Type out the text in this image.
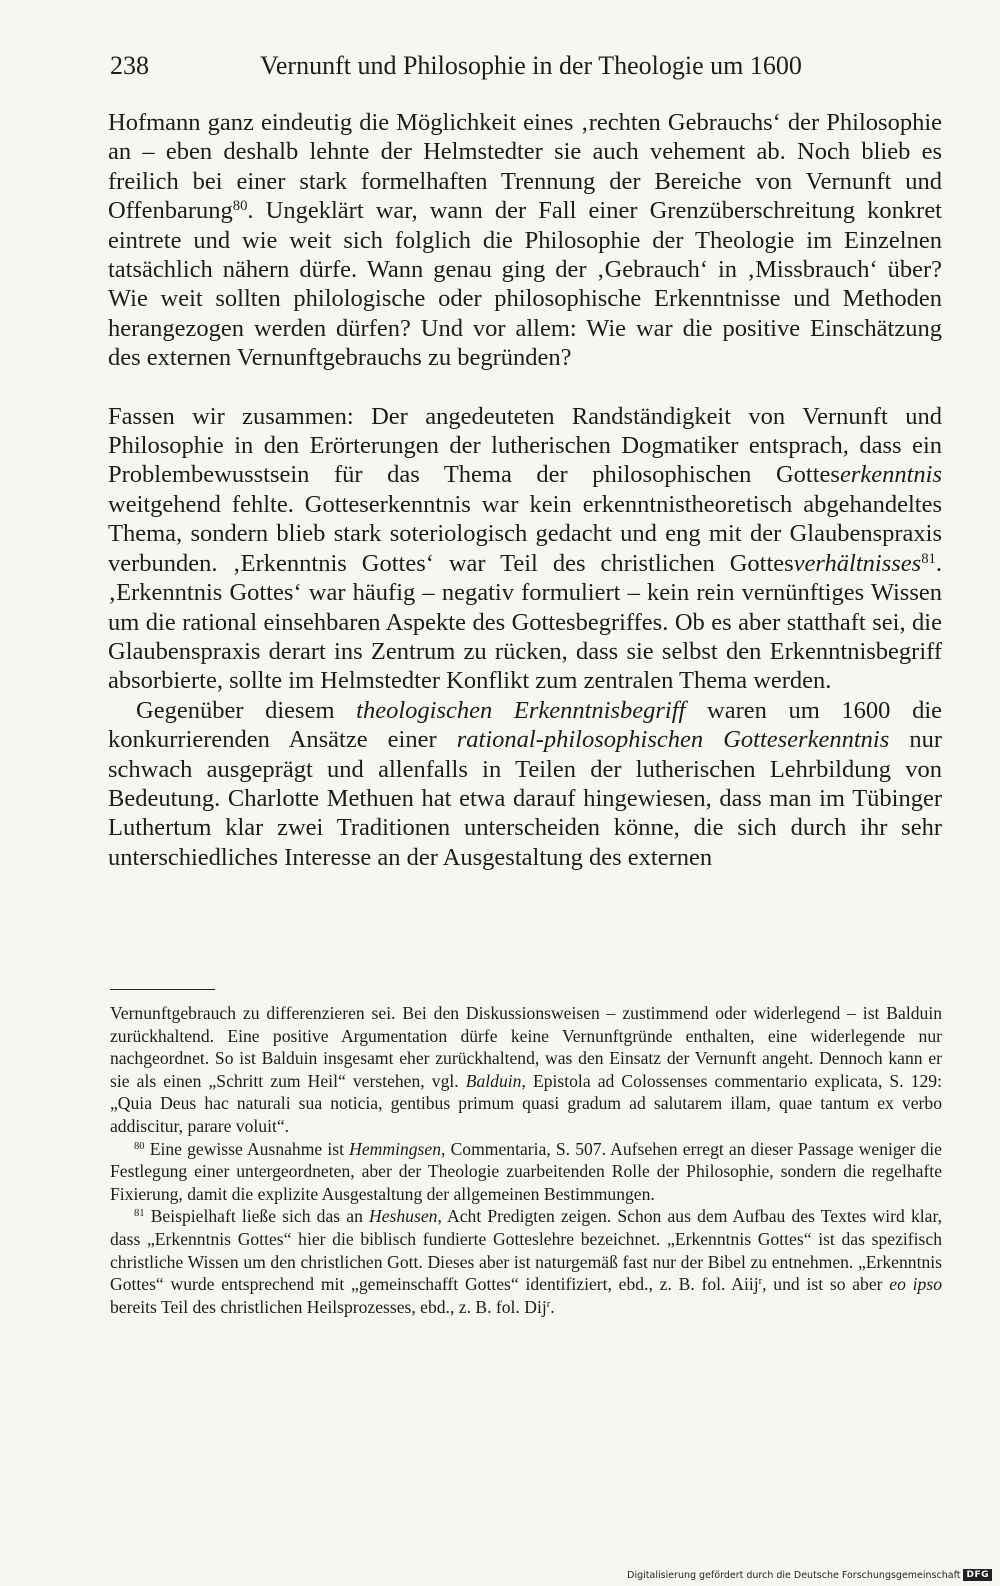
238	Vernunft und Philosophie in der Theologie um 1600

Hofmann ganz eindeutig die Möglichkeit eines ‚rechten Gebrauchs‘ der Philosophie an – eben deshalb lehnte der Helmstedter sie auch vehement ab. Noch blieb es freilich bei einer stark formelhaften Trennung der Bereiche von Vernunft und Offenbarung$^{80}$. Ungeklärt war, wann der Fall einer Grenzüberschreitung konkret eintrete und wie weit sich folglich die Philosophie der Theologie im Einzelnen tatsächlich nähern dürfe. Wann genau ging der ‚Gebrauch‘ in ‚Missbrauch‘ über? Wie weit sollten philologische oder philosophische Erkenntnisse und Methoden herangezogen werden dürfen? Und vor allem: Wie war die positive Einschätzung des externen Vernunftgebrauchs zu begründen?

Fassen wir zusammen: Der angedeuteten Randständigkeit von Vernunft und Philosophie in den Erörterungen der lutherischen Dogmatiker entsprach, dass ein Problembewusstsein für das Thema der philosophischen Gotteserkenntnis weitgehend fehlte. Gotteserkenntnis war kein erkenntnistheoretisch abgehandeltes Thema, sondern blieb stark soteriologisch gedacht und eng mit der Glaubenspraxis verbunden. ‚Erkenntnis Gottes‘ war Teil des christlichen Gottesverhältnisses$^{81}$. ‚Erkenntnis Gottes‘ war häufig – negativ formuliert – kein rein vernünftiges Wissen um die rational einsehbaren Aspekte des Gottesbegriffes. Ob es aber statthaft sei, die Glaubenspraxis derart ins Zentrum zu rücken, dass sie selbst den Erkenntnisbegriff absorbierte, sollte im Helmstedter Konflikt zum zentralen Thema werden.

Gegenüber diesem theologischen Erkenntnisbegriff waren um 1600 die konkurrierenden Ansätze einer rational-philosophischen Gotteserkenntnis nur schwach ausgeprägt und allenfalls in Teilen der lutherischen Lehrbildung von Bedeutung. Charlotte Methuen hat etwa darauf hingewiesen, dass man im Tübinger Luthertum klar zwei Traditionen unterscheiden könne, die sich durch ihr sehr unterschiedliches Interesse an der Ausgestaltung des externen

Vernunftgebrauch zu differenzieren sei. Bei den Diskussionsweisen – zustimmend oder widerlegend – ist Balduin zurückhaltend. Eine positive Argumentation dürfe keine Vernunftgründe enthalten, eine widerlegende nur nachgeordnet. So ist Balduin insgesamt eher zurückhaltend, was den Einsatz der Vernunft angeht. Dennoch kann er sie als einen „Schritt zum Heil“ verstehen, vgl. Balduin, Epistola ad Colossenses commentario explicata, S. 129: „Quia Deus hac naturali sua noticia, gentibus primum quasi gradum ad salutarem illam, quae tantum ex verbo addiscitur, parare voluit“.

$^{80}$ Eine gewisse Ausnahme ist Hemmingsen, Commentaria, S. 507. Aufsehen erregt an dieser Passage weniger die Festlegung einer untergeordneten, aber der Theologie zuarbeitenden Rolle der Philosophie, sondern die regelhafte Fixierung, damit die explizite Ausgestaltung der allgemeinen Bestimmungen.

$^{81}$ Beispielhaft ließe sich das an Heshusen, Acht Predigten zeigen. Schon aus dem Aufbau des Textes wird klar, dass „Erkenntnis Gottes“ hier die biblisch fundierte Gotteslehre bezeichnet. „Erkenntnis Gottes“ ist das spezifisch christliche Wissen um den christlichen Gott. Dieses aber ist naturgemäß fast nur der Bibel zu entnehmen. „Erkenntnis Gottes“ wurde entsprechend mit „gemeinschafft Gottes“ identifiziert, ebd., z. B. fol. Aiij$^r$, und ist so aber eo ipso bereits Teil des christlichen Heilsprozesses, ebd., z. B. fol. Dij$^r$.

Digitalisierung gefördert durch die Deutsche Forschungsgemeinschaft DFG
